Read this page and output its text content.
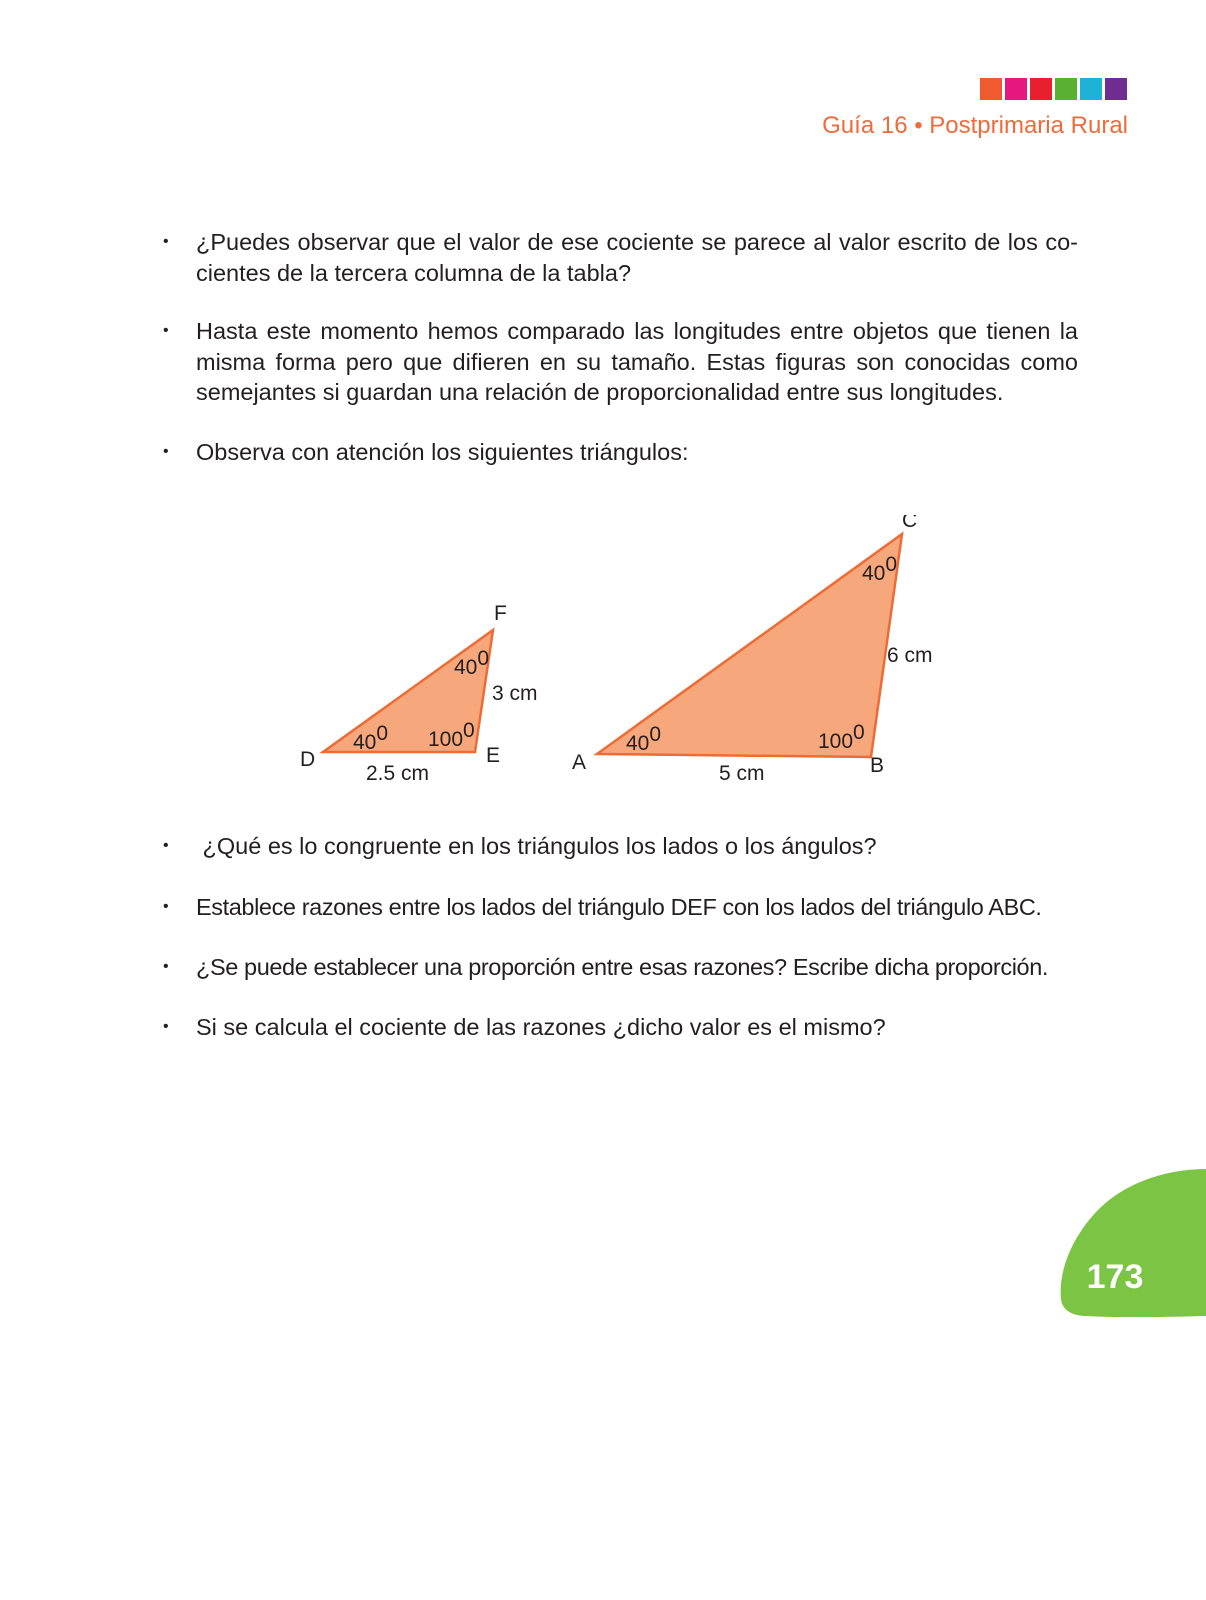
Guía 16 • Postprimaria Rural
•	¿Puedes observar que el valor de ese cociente se parece al valor escrito de los co-cientes de la tercera columna de la tabla?
•	Hasta este momento hemos comparado las longitudes entre objetos que tienen la misma forma pero que difieren en su tamaño. Estas figuras son conocidas como semejantes si guardan una relación de proporcionalidad entre sus longitudes.
•	Observa con atención los siguientes triángulos:
•	¿Qué es lo congruente en los triángulos los lados o los ángulos?
•	Establece razones entre los lados del triángulo DEF con los lados del triángulo ABC.
•	¿Se puede establecer una proporción entre esas razones? Escribe dicha proporción.
•	Si se calcula el cociente de las razones ¿dicho valor es el mismo?
D	E
F
400 1000
400
2.5 cm
3 cm
A	B
C
400	1000
400
5 cm
6 cm
173
